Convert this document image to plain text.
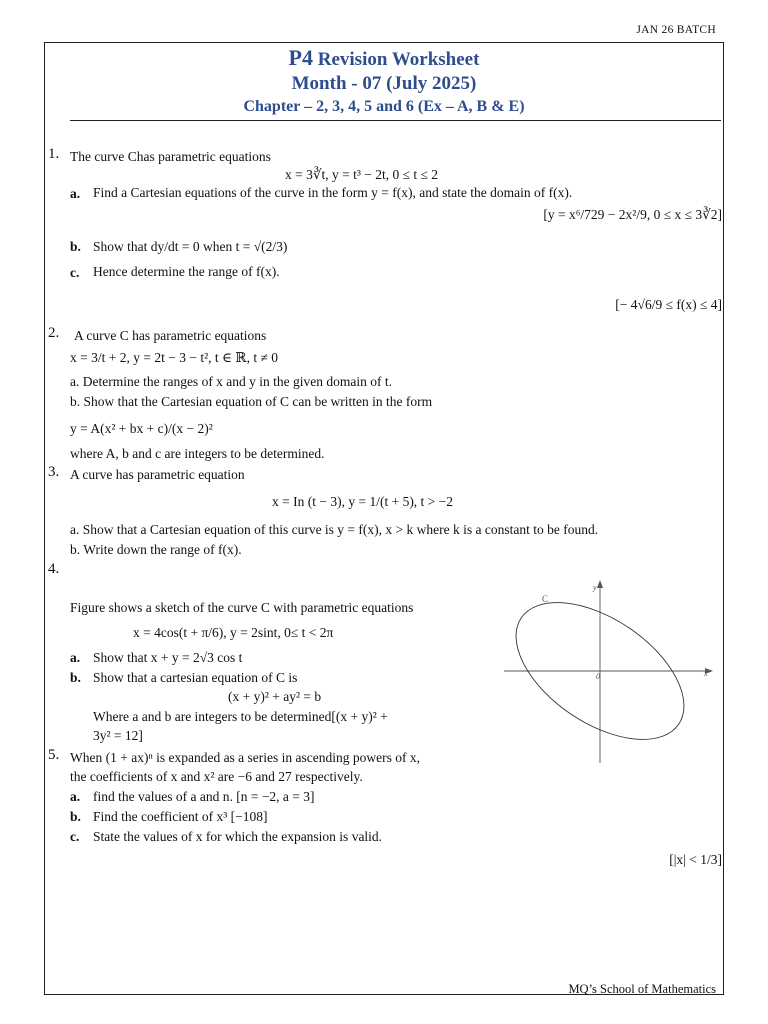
JAN 26 BATCH
P4 Revision Worksheet
Month - 07 (July 2025)
Chapter – 2, 3, 4, 5 and 6 (Ex – A, B & E)
1. The curve Chas parametric equations
x = 3∛t, y = t³ − 2t, 0 ≤ t ≤ 2
a. Find a Cartesian equations of the curve in the form y = f(x), and state the domain of f(x).
[y = x⁶/729 − 2x²/9, 0 ≤ x ≤ 3∛2]
b. Show that dy/dt = 0 when t = √(2/3)
c. Hence determine the range of f(x).
[− 4√6/9 ≤ f(x) ≤ 4]
2. A curve C has parametric equations
x = 3/t + 2, y = 2t − 3 − t², t ∈ ℝ, t ≠ 0
a. Determine the ranges of x and y in the given domain of t.
b. Show that the Cartesian equation of C can be written in the form
y = A(x² + bx + c)/(x − 2)²
where A, b and c are integers to be determined.
3. A curve has parametric equation
x = In (t − 3), y = 1/(t + 5), t > −2
a. Show that a Cartesian equation of this curve is y = f(x), x > k where k is a constant to be found.
b. Write down the range of f(x).
4.
Figure shows a sketch of the curve C with parametric equations
x = 4cos(t + π/6), y = 2sint, 0≤ t < 2π
a. Show that x + y = 2√3 cos t
b. Show that a cartesian equation of C is
(x + y)² + ay² = b
Where a and b are integers to be determined[(x + y)² +
3y² = 12]
C
y
x
0
5. When (1 + ax)ⁿ is expanded as a series in ascending powers of x,
the coefficients of x and x² are −6 and 27 respectively.
a. find the values of a and n. [n = −2, a = 3]
b. Find the coefficient of x³ [−108]
c. State the values of x for which the expansion is valid.
[|x| < 1/3]
MQ’s School of Mathematics
